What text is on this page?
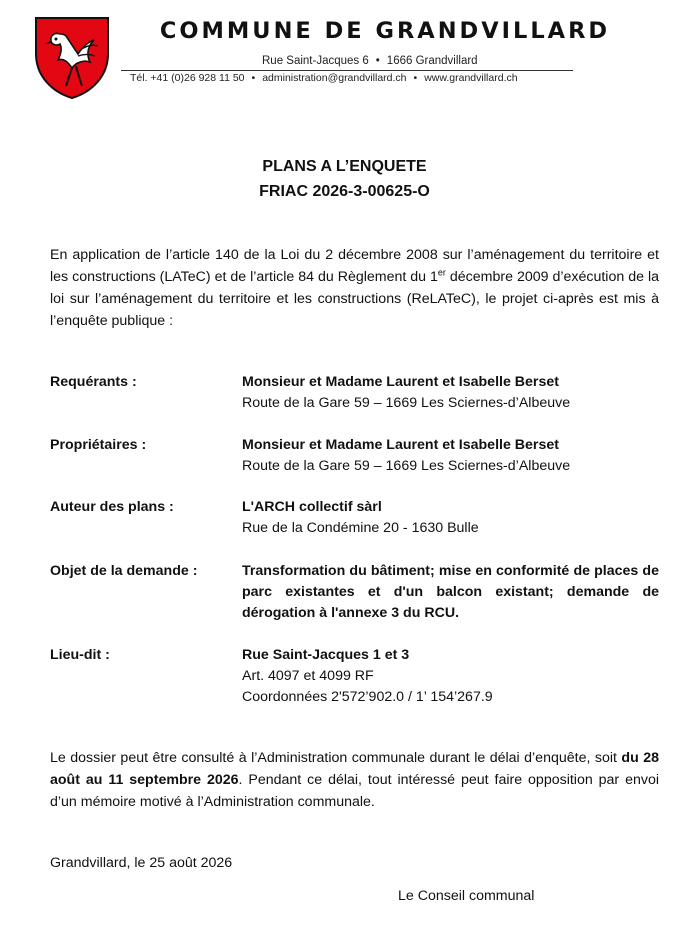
COMMUNE DE GRANDVILLARD
Rue Saint-Jacques 6 • 1666 Grandvillard
Tél. +41 (0)26 928 11 50 • administration@grandvillard.ch • www.grandvillard.ch
PLANS A L’ENQUETE
FRIAC 2026-3-00625-O

En application de l’article 140 de la Loi du 2 décembre 2008 sur l’aménagement du territoire et les constructions (LATeC) et de l’article 84 du Règlement du 1er décembre 2009 d’exécution de la loi sur l’aménagement du territoire et les constructions (ReLATeC), le projet ci-après est mis à l’enquête publique :

Requérants :	Monsieur et Madame Laurent et Isabelle Berset
Route de la Gare 59 – 1669 Les Sciernes-d’Albeuve

Propriétaires :	Monsieur et Madame Laurent et Isabelle Berset
Route de la Gare 59 – 1669 Les Sciernes-d’Albeuve

Auteur des plans :	L'ARCH collectif sàrl
Rue de la Condémine 20 - 1630 Bulle

Objet de la demande :	Transformation du bâtiment; mise en conformité de places de parc existantes et d'un balcon existant; demande de dérogation à l'annexe 3 du RCU.

Lieu-dit :	Rue Saint-Jacques 1 et 3
Art. 4097 et 4099 RF
Coordonnées 2'572’902.0 / 1’ 154’267.9

Le dossier peut être consulté à l’Administration communale durant le délai d’enquête, soit du 28 août au 11 septembre 2026. Pendant ce délai, tout intéressé peut faire opposition par envoi d’un mémoire motivé à l’Administration communale.

Grandvillard, le 25 août 2026
Le Conseil communal
